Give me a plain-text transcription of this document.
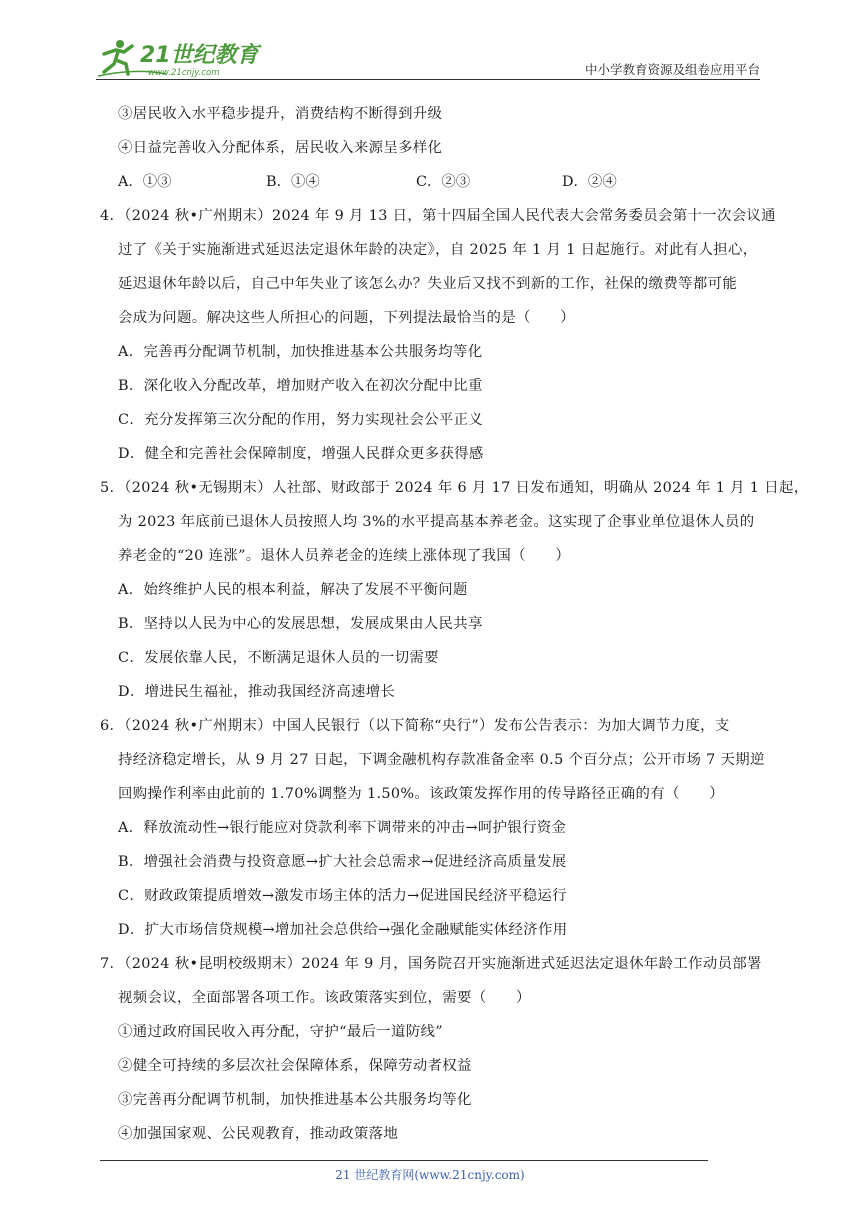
21世纪教育
www.21cnjy.com	中小学教育资源及组卷应用平台
③居民收入水平稳步提升，消费结构不断得到升级
④日益完善收入分配体系，居民收入来源呈多样化
A．①③	B．①④	C．②③	D．②④
4．（2024 秋•广州期末）2024 年 9 月 13 日，第十四届全国人民代表大会常务委员会第十一次会议通
过了《关于实施渐进式延迟法定退休年龄的决定》，自 2025 年 1 月 1 日起施行。对此有人担心，
延迟退休年龄以后，自己中年失业了该怎么办？失业后又找不到新的工作，社保的缴费等都可能
会成为问题。解决这些人所担心的问题，下列提法最恰当的是（　　）
A．完善再分配调节机制，加快推进基本公共服务均等化
B．深化收入分配改革，增加财产收入在初次分配中比重
C．充分发挥第三次分配的作用，努力实现社会公平正义
D．健全和完善社会保障制度，增强人民群众更多获得感
5．（2024 秋•无锡期末）人社部、财政部于 2024 年 6 月 17 日发布通知，明确从 2024 年 1 月 1 日起，
为 2023 年底前已退休人员按照人均 3%的水平提高基本养老金。这实现了企事业单位退休人员的
养老金的“20 连涨”。退休人员养老金的连续上涨体现了我国（　　）
A．始终维护人民的根本利益，解决了发展不平衡问题
B．坚持以人民为中心的发展思想，发展成果由人民共享
C．发展依靠人民，不断满足退休人员的一切需要
D．增进民生福祉，推动我国经济高速增长
6．（2024 秋•广州期末）中国人民银行（以下简称“央行”）发布公告表示：为加大调节力度，支
持经济稳定增长，从 9 月 27 日起，下调金融机构存款准备金率 0.5 个百分点；公开市场 7 天期逆
回购操作利率由此前的 1.70%调整为 1.50%。该政策发挥作用的传导路径正确的有（　　）
A．释放流动性→银行能应对贷款利率下调带来的冲击→呵护银行资金
B．增强社会消费与投资意愿→扩大社会总需求→促进经济高质量发展
C．财政政策提质增效→激发市场主体的活力→促进国民经济平稳运行
D．扩大市场信贷规模→增加社会总供给→强化金融赋能实体经济作用
7．（2024 秋•昆明校级期末）2024 年 9 月，国务院召开实施渐进式延迟法定退休年龄工作动员部署
视频会议，全面部署各项工作。该政策落实到位，需要（　　）
①通过政府国民收入再分配，守护“最后一道防线”
②健全可持续的多层次社会保障体系，保障劳动者权益
③完善再分配调节机制，加快推进基本公共服务均等化
④加强国家观、公民观教育，推动政策落地
21 世纪教育网(www.21cnjy.com)
